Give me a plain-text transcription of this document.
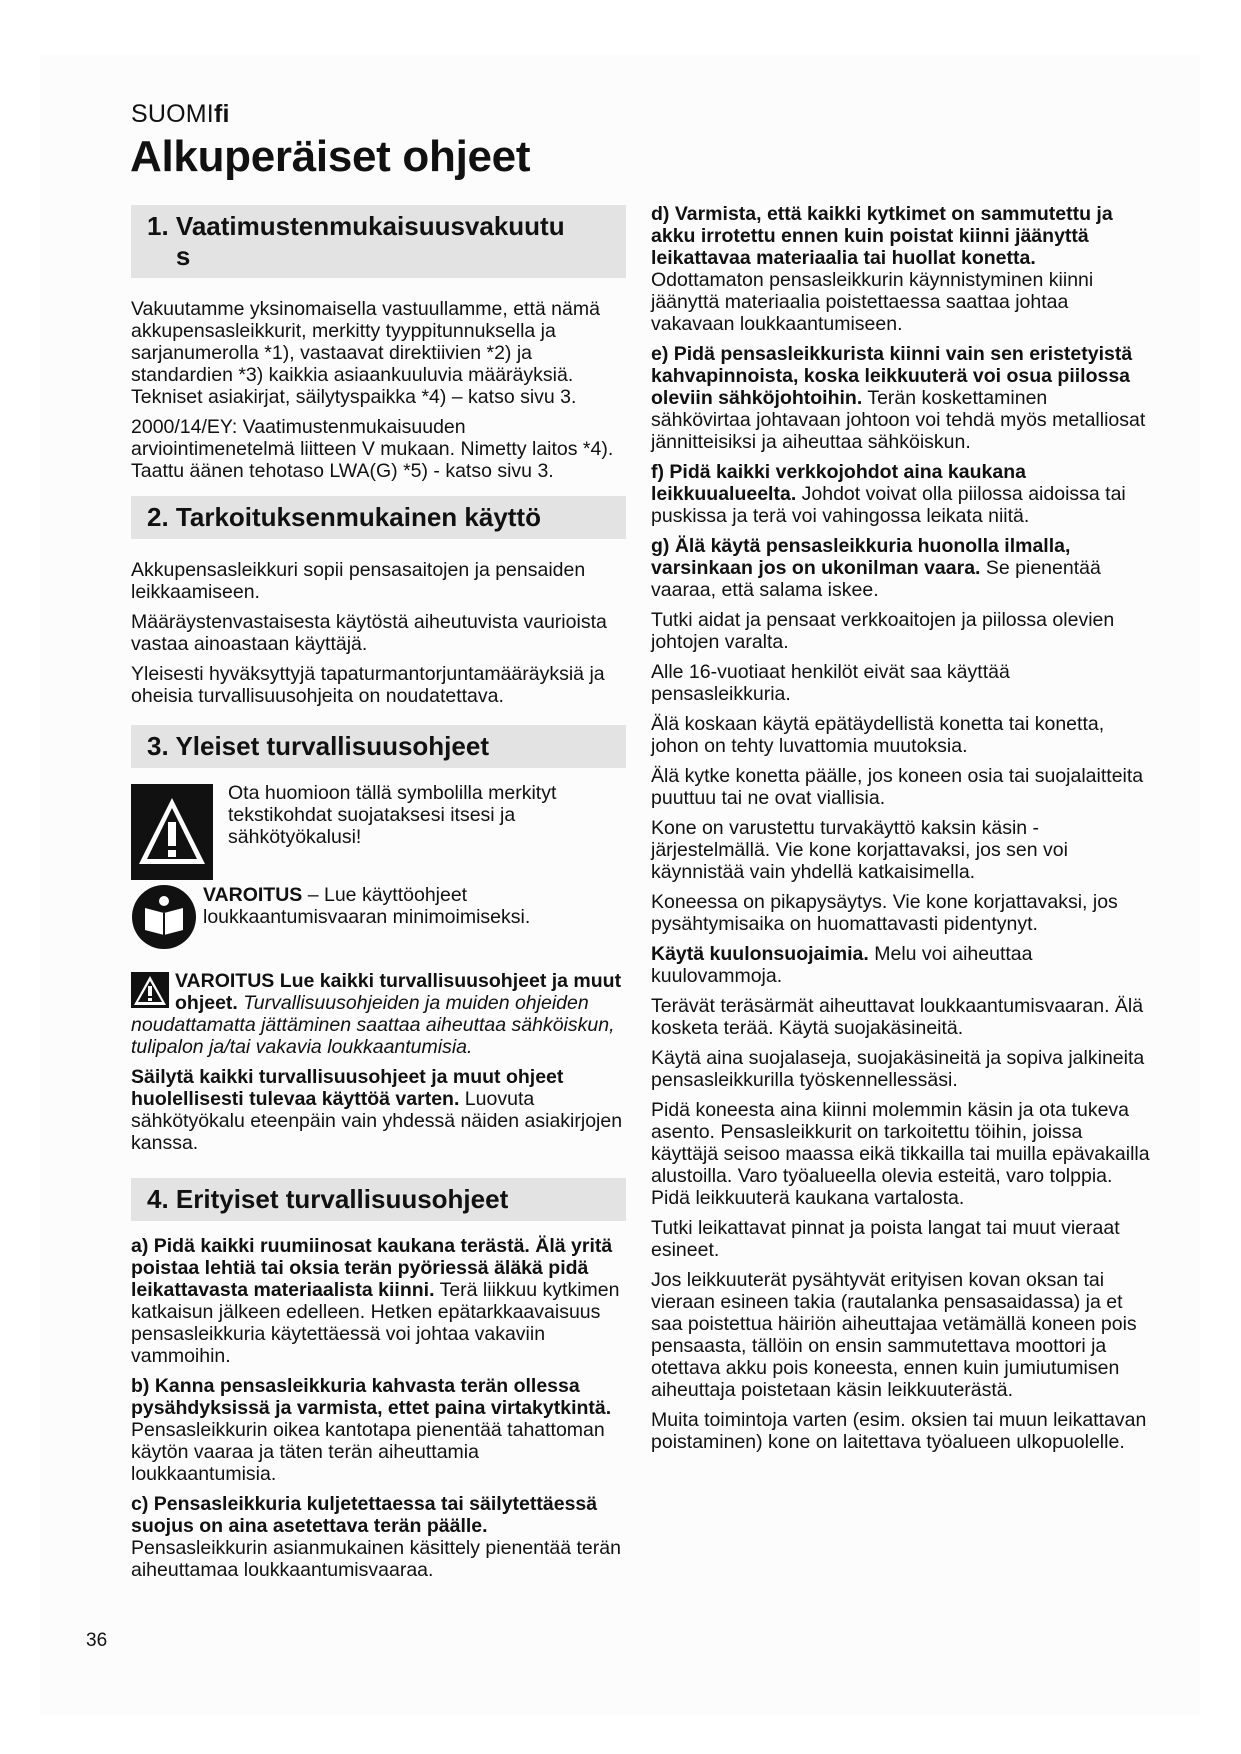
SUOMIfi
Alkuperäiset ohjeet
1. Vaatimustenmukaisuusvakuutu s

Vakuutamme yksinomaisella vastuullamme, että nämä akkupensasleikkurit, merkitty tyyppitunnuksella ja sarjanumerolla *1), vastaavat direktiivien *2) ja standardien *3) kaikkia asiaankuuluvia määräyksiä. Tekniset asiakirjat, säilytyspaikka *4) – katso sivu 3.

2000/14/EY: Vaatimustenmukaisuuden arviointimenetelmä liitteen V mukaan. Nimetty laitos *4). Taattu äänen tehotaso LWA(G) *5) - katso sivu 3.

2. Tarkoituksenmukainen käyttö

Akkupensasleikkuri sopii pensasaitojen ja pensaiden leikkaamiseen.

Määräystenvastaisesta käytöstä aiheutuvista vaurioista vastaa ainoastaan käyttäjä.

Yleisesti hyväksyttyjä tapaturmantorjuntamääräyksiä ja oheisia turvallisuusohjeita on noudatettava.

3. Yleiset turvallisuusohjeet

Ota huomioon tällä symbolilla merkityt tekstikohdat suojataksesi itsesi ja sähkötyökalusi!

VAROITUS – Lue käyttöohjeet loukkaantumisvaaran minimoimiseksi.

VAROITUS Lue kaikki turvallisuusohjeet ja muut ohjeet. Turvallisuusohjeiden ja muiden ohjeiden noudattamatta jättäminen saattaa aiheuttaa sähköiskun, tulipalon ja/tai vakavia loukkaantumisia.

Säilytä kaikki turvallisuusohjeet ja muut ohjeet huolellisesti tulevaa käyttöä varten. Luovuta sähkötyökalu eteenpäin vain yhdessä näiden asiakirjojen kanssa.

4. Erityiset turvallisuusohjeet

a) Pidä kaikki ruumiinosat kaukana terästä. Älä yritä poistaa lehtiä tai oksia terän pyöriessä äläkä pidä leikattavasta materiaalista kiinni. Terä liikkuu kytkimen katkaisun jälkeen edelleen. Hetken epätarkkaavaisuus pensasleikkuria käytettäessä voi johtaa vakaviin vammoihin.

b) Kanna pensasleikkuria kahvasta terän ollessa pysähdyksissä ja varmista, ettet paina virtakytkintä. Pensasleikkurin oikea kantotapa pienentää tahattoman käytön vaaraa ja täten terän aiheuttamia loukkaantumisia.

c) Pensasleikkuria kuljetettaessa tai säilytettäessä suojus on aina asetettava terän päälle. Pensasleikkurin asianmukainen käsittely pienentää terän aiheuttamaa loukkaantumisvaaraa.

d) Varmista, että kaikki kytkimet on sammutettu ja akku irrotettu ennen kuin poistat kiinni jäänyttä leikattavaa materiaalia tai huollat konetta. Odottamaton pensasleikkurin käynnistyminen kiinni jäänyttä materiaalia poistettaessa saattaa johtaa vakavaan loukkaantumiseen.

e) Pidä pensasleikkurista kiinni vain sen eristetyistä kahvapinnoista, koska leikkuuterä voi osua piilossa oleviin sähköjohtoihin. Terän koskettaminen sähkövirtaa johtavaan johtoon voi tehdä myös metalliosat jännitteisiksi ja aiheuttaa sähköiskun.

f) Pidä kaikki verkkojohdot aina kaukana leikkuualueelta. Johdot voivat olla piilossa aidoissa tai puskissa ja terä voi vahingossa leikata niitä.

g) Älä käytä pensasleikkuria huonolla ilmalla, varsinkaan jos on ukonilman vaara. Se pienentää vaaraa, että salama iskee.

Tutki aidat ja pensaat verkkoaitojen ja piilossa olevien johtojen varalta.

Alle 16-vuotiaat henkilöt eivät saa käyttää pensasleikkuria.

Älä koskaan käytä epätäydellistä konetta tai konetta, johon on tehty luvattomia muutoksia.

Älä kytke konetta päälle, jos koneen osia tai suojalaitteita puuttuu tai ne ovat viallisia.

Kone on varustettu turvakäyttö kaksin käsin -järjestelmällä. Vie kone korjattavaksi, jos sen voi käynnistää vain yhdellä katkaisimella.

Koneessa on pikapysäytys. Vie kone korjattavaksi, jos pysähtymisaika on huomattavasti pidentynyt.

Käytä kuulonsuojaimia. Melu voi aiheuttaa kuulovammoja.

Terävät teräsärmät aiheuttavat loukkaantumisvaaran. Älä kosketa terää. Käytä suojakäsineitä.

Käytä aina suojalaseja, suojakäsineitä ja sopiva jalkineita pensasleikkurilla työskennellessäsi.

Pidä koneesta aina kiinni molemmin käsin ja ota tukeva asento. Pensasleikkurit on tarkoitettu töihin, joissa käyttäjä seisoo maassa eikä tikkailla tai muilla epävakailla alustoilla. Varo työalueella olevia esteitä, varo tolppia. Pidä leikkuuterä kaukana vartalosta.

Tutki leikattavat pinnat ja poista langat tai muut vieraat esineet.

Jos leikkuuterät pysähtyvät erityisen kovan oksan tai vieraan esineen takia (rautalanka pensasaidassa) ja et saa poistettua häiriön aiheuttajaa vetämällä koneen pois pensaasta, tällöin on ensin sammutettava moottori ja otettava akku pois koneesta, ennen kuin jumiutumisen aiheuttaja poistetaan käsin leikkuuterästä.

Muita toimintoja varten (esim. oksien tai muun leikattavan poistaminen) kone on laitettava työalueen ulkopuolelle.

36
